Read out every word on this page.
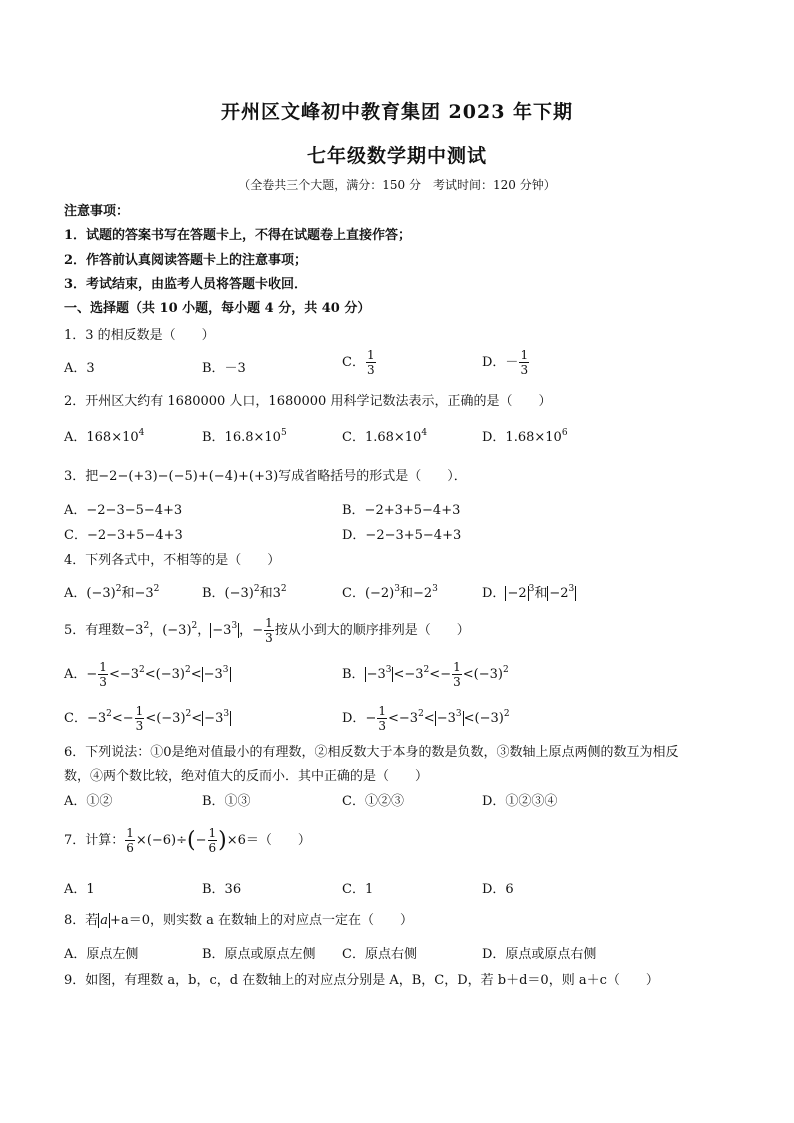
开州区文峰初中教育集团 2023 年下期
七年级数学期中测试
（全卷共三个大题，满分：150 分　考试时间：120 分钟）
注意事项：
1．试题的答案书写在答题卡上，不得在试题卷上直接作答；
2．作答前认真阅读答题卡上的注意事项；
3．考试结束，由监考人员将答题卡收回．
一、选择题（共 10 小题，每小题 4 分，共 40 分）
1．3 的相反数是（　　）
A．3	B．－3	C． $\frac{1}{3}$	D．－ $\frac{1}{3}$
2．开州区大约有 1680000 人口，1680000 用科学记数法表示，正确的是（　　）
A．$168\times 10^4$	B．$16.8\times 10^5$	C．$1.68\times 10^4$	D．$1.68\times 10^6$
3．把−2−(+3)−(−5)+(−4)+(+3)写成省略括号的形式是（　　）．
A．−2−3−5−4+3	B．−2+3+5−4+3
C．−2−3+5−4+3	D．−2−3+5−4+3
4．下列各式中，不相等的是（　　）
A．$(-3)^2$和$-3^2$	B．$(-3)^2$和$3^2$	C．$(-2)^3$和$-2^3$	D． −2 $^3$和 $-2^3$
5．有理数$-3^2$，$(-3)^2$， $-3^3$ ，− $\frac{1}{3}$ 按从小到大的顺序排列是（　　）
A．− $\frac{1}{3} <-3^2<(-3)^2< -3^3$	B． $-3^3 <-3^2<- \frac{1}{3} <(-3)^2$
C．$-3^2<- \frac{1}{3} <(-3)^2< -3^3$	D．− $\frac{1}{3} <-3^2< -3^3 <(-3)^2$
6．下列说法：①0是绝对值最小的有理数，②相反数大于本身的数是负数，③数轴上原点两侧的数互为相反
数，④两个数比较，绝对值大的反而小．其中正确的是（　　）
A．①②	B．①③	C．①②③	D．①②③④
7．计算： $\frac{1}{6} \times(-6)\div(- \frac{1}{6} )\times 6=$（　　）
A．1	B．36	C．1	D．6
8．若 a +a＝0，则实数 a 在数轴上的对应点一定在（　　）
A．原点左侧	B．原点或原点左侧 C．原点右侧	D．原点或原点右侧
9．如图，有理数 a，b，c，d 在数轴上的对应点分别是 A，B，C，D，若 b＋d＝0，则 a＋c（　　）
